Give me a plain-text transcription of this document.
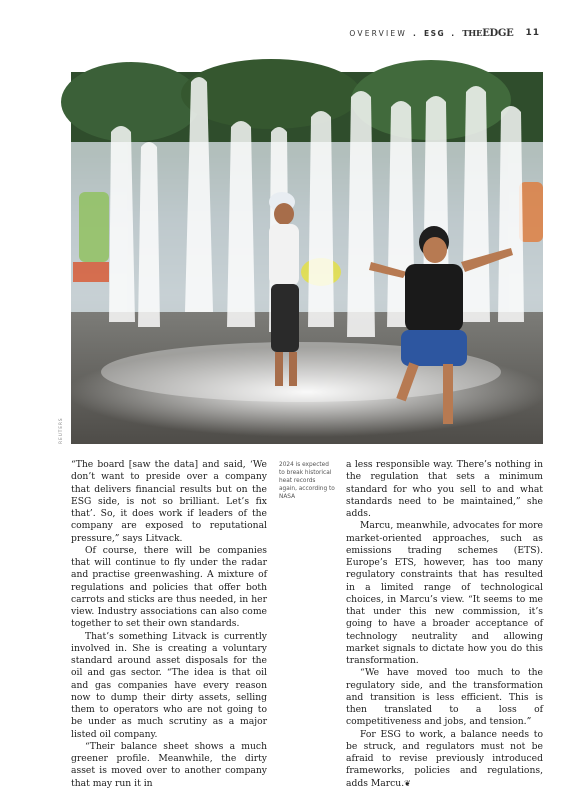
OVERVIEW . ESG . THEEDGE 11
REUTERS

“The board [saw the data] and said, ‘We don’t want to preside over a company that delivers financial results but on the ESG side, is not so brilliant. Let’s fix that’. So, it does work if leaders of the company are exposed to reputational pressure,” says Litvack.

Of course, there will be companies that will continue to fly under the radar and practise greenwashing. A mixture of regulations and policies that offer both carrots and sticks are thus needed, in her view. Industry associations can also come together to set their own standards.

That’s something Litvack is currently involved in. She is creating a voluntary standard around asset disposals for the oil and gas sector. “The idea is that oil and gas companies have every reason now to dump their dirty assets, selling them to operators who are not going to be under as much scrutiny as a major listed oil company.

“Their balance sheet shows a much greener profile. Meanwhile, the dirty asset is moved over to another company that may run it in

2024 is expected to break historical heat records again, according to NASA

a less responsible way. There’s nothing in the regulation that sets a minimum standard for who you sell to and what standards need to be maintained,” she adds.

Marcu, meanwhile, advocates for more market-oriented approaches, such as emissions trading schemes (ETS). Europe’s ETS, however, has too many regulatory constraints that has resulted in a limited range of technological choices, in Marcu’s view. “It seems to me that under this new commission, it’s going to have a broader acceptance of technology neutrality and allowing market signals to dictate how you do this transformation.

“We have moved too much to the regulatory side, and the transformation and transition is less efficient. This is then translated to a loss of competitiveness and jobs, and tension.”

For ESG to work, a balance needs to be struck, and regulators must not be afraid to revise previously introduced frameworks, policies and regulations, adds Marcu.❦
